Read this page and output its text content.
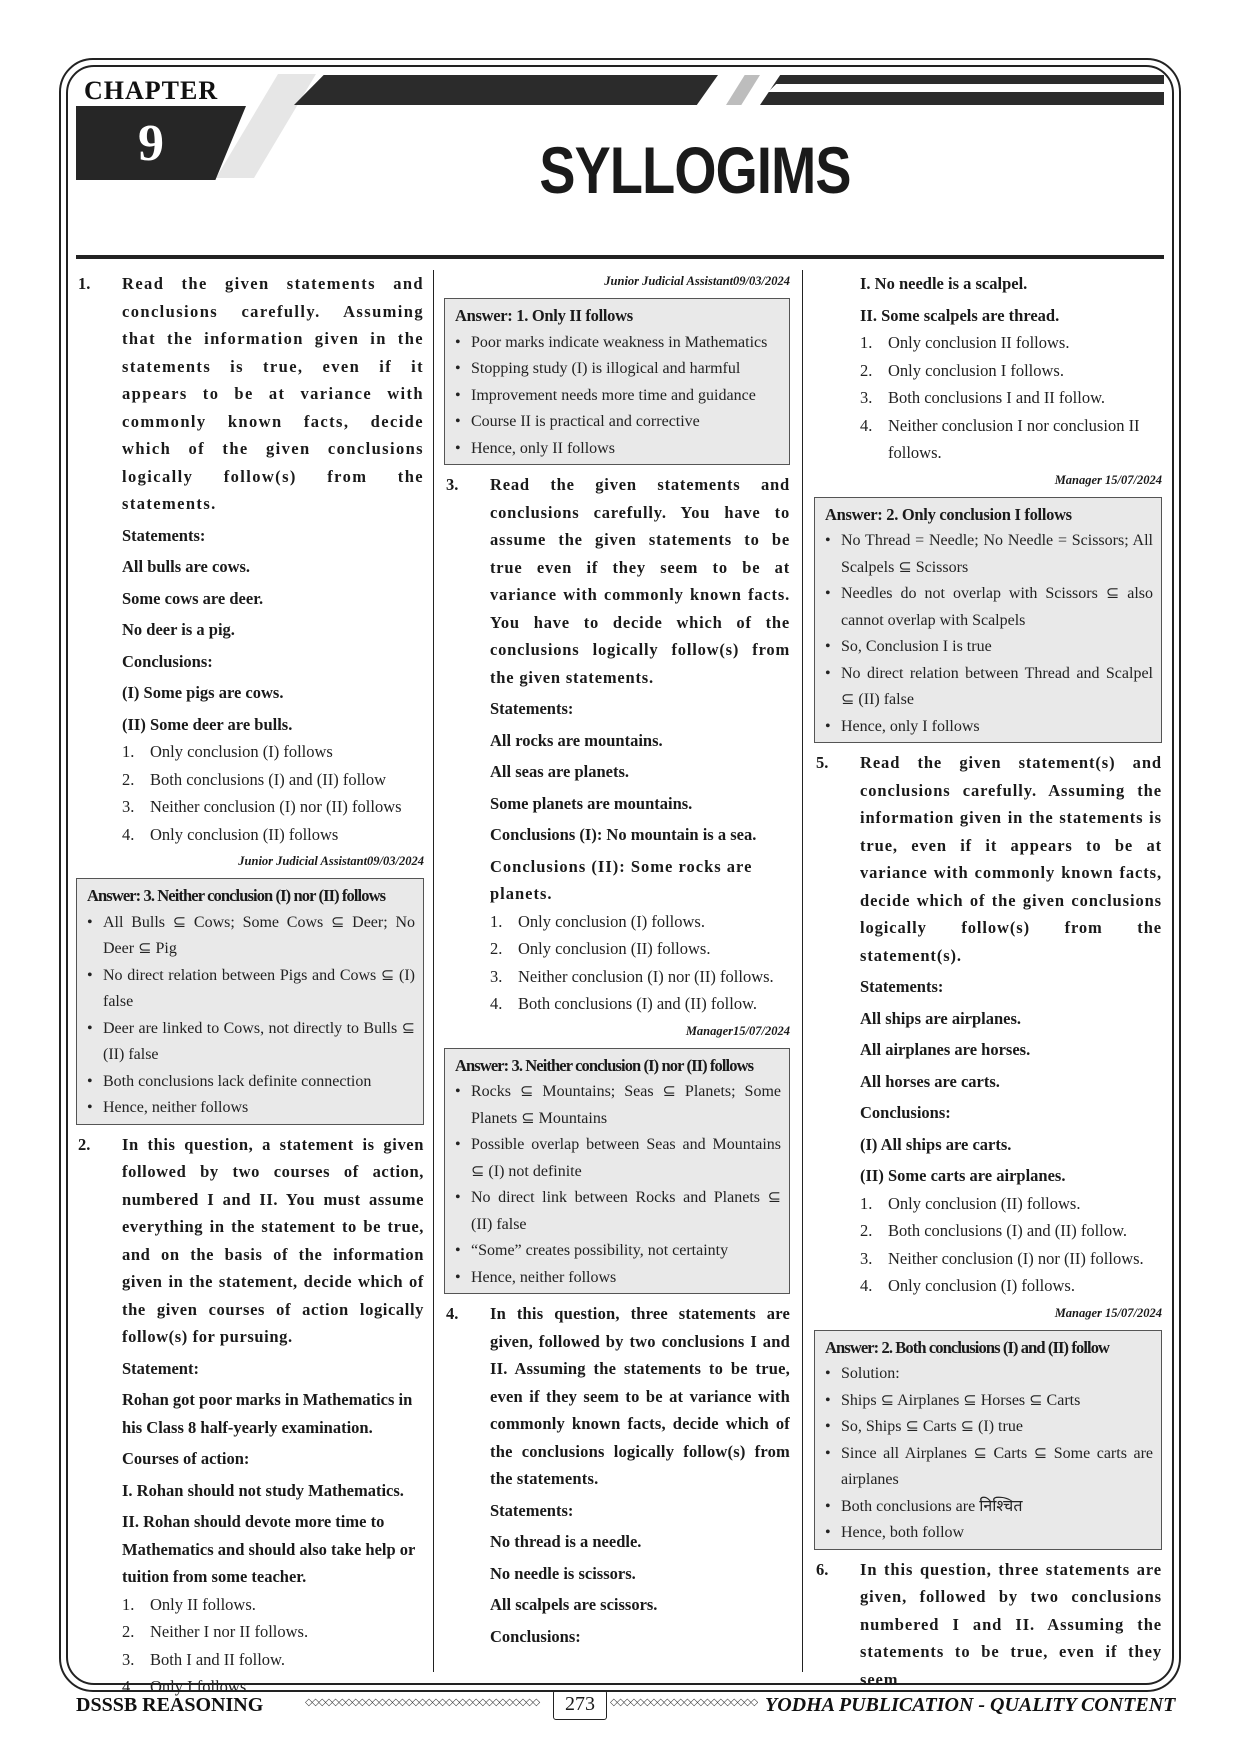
CHAPTER
9	SYLLOGIMS
1. Read the given statements and conclusions carefully. Assuming that the information given in the statements is true, even if it appears to be at variance with commonly known facts, decide which of the given conclusions logically follow(s) from the statements.
Statements:
All bulls are cows.
Some cows are deer.
No deer is a pig.
Conclusions:
(I) Some pigs are cows.
(II) Some deer are bulls.
1. Only conclusion (I) follows
2. Both conclusions (I) and (II) follow
3. Neither conclusion (I) nor (II) follows
4. Only conclusion (II) follows
Junior Judicial Assistant09/03/2024
Answer: 3. Neither conclusion (I) nor (II) follows
• All Bulls ⊆ Cows; Some Cows ⊆ Deer; No Deer ⊆ Pig
• No direct relation between Pigs and Cows ⊆ (I) false
• Deer are linked to Cows, not directly to Bulls ⊆ (II) false
• Both conclusions lack definite connection
• Hence, neither follows
2. In this question, a statement is given followed by two courses of action, numbered I and II. You must assume everything in the statement to be true, and on the basis of the information given in the statement, decide which of the given courses of action logically follow(s) for pursuing.
Statement:
Rohan got poor marks in Mathematics in his Class 8 half-yearly examination.
Courses of action:
I. Rohan should not study Mathematics.
II. Rohan should devote more time to Mathematics and should also take help or tuition from some teacher.
1. Only II follows.
2. Neither I nor II follows.
3. Both I and II follow.
4. Only I follows.
Junior Judicial Assistant09/03/2024
Answer: 1. Only II follows
• Poor marks indicate weakness in Mathematics
• Stopping study (I) is illogical and harmful
• Improvement needs more time and guidance
• Course II is practical and corrective
• Hence, only II follows
3. Read the given statements and conclusions carefully. You have to assume the given statements to be true even if they seem to be at variance with commonly known facts. You have to decide which of the conclusions logically follow(s) from the given statements.
Statements:
All rocks are mountains.
All seas are planets.
Some planets are mountains.
Conclusions (I): No mountain is a sea.
Conclusions (II): Some rocks are planets.
1. Only conclusion (I) follows.
2. Only conclusion (II) follows.
3. Neither conclusion (I) nor (II) follows.
4. Both conclusions (I) and (II) follow.
Manager15/07/2024
Answer: 3. Neither conclusion (I) nor (II) follows
• Rocks ⊆ Mountains; Seas ⊆ Planets; Some Planets ⊆ Mountains
• Possible overlap between Seas and Mountains ⊆ (I) not definite
• No direct link between Rocks and Planets ⊆ (II) false
• “Some” creates possibility, not certainty
• Hence, neither follows
4. In this question, three statements are given, followed by two conclusions I and II. Assuming the statements to be true, even if they seem to be at variance with commonly known facts, decide which of the conclusions logically follow(s) from the statements.
Statements:
No thread is a needle.
No needle is scissors.
All scalpels are scissors.
Conclusions:
I. No needle is a scalpel.
II. Some scalpels are thread.
1. Only conclusion II follows.
2. Only conclusion I follows.
3. Both conclusions I and II follow.
4. Neither conclusion I nor conclusion II follows.
Manager 15/07/2024
Answer: 2. Only conclusion I follows
• No Thread = Needle; No Needle = Scissors; All Scalpels ⊆ Scissors
• Needles do not overlap with Scissors ⊆ also cannot overlap with Scalpels
• So, Conclusion I is true
• No direct relation between Thread and Scalpel ⊆ (II) false
• Hence, only I follows
5. Read the given statement(s) and conclusions carefully. Assuming the information given in the statements is true, even if it appears to be at variance with commonly known facts, decide which of the given conclusions logically follow(s) from the statement(s).
Statements:
All ships are airplanes.
All airplanes are horses.
All horses are carts.
Conclusions:
(I) All ships are carts.
(II) Some carts are airplanes.
1. Only conclusion (II) follows.
2. Both conclusions (I) and (II) follow.
3. Neither conclusion (I) nor (II) follows.
4. Only conclusion (I) follows.
Manager 15/07/2024
Answer: 2. Both conclusions (I) and (II) follow
• Solution:
• Ships ⊆ Airplanes ⊆ Horses ⊆ Carts
• So, Ships ⊆ Carts ⊆ (I) true
• Since all Airplanes ⊆ Carts ⊆ Some carts are airplanes
• Both conclusions are निश्चित
• Hence, both follow
6. In this question, three statements are given, followed by two conclusions numbered I and II. Assuming the statements to be true, even if they seem
DSSSB REASONING	◇◇◇◇◇◇◇◇◇◇◇◇◇◇◇◇◇◇◇◇◇◇◇◇◇◇◇◇◇◇◇◇◇◇◇	273	◇◇◇◇◇◇◇◇◇◇◇◇◇◇◇◇◇◇◇◇◇◇ YODHA PUBLICATION - QUALITY CONTENT
